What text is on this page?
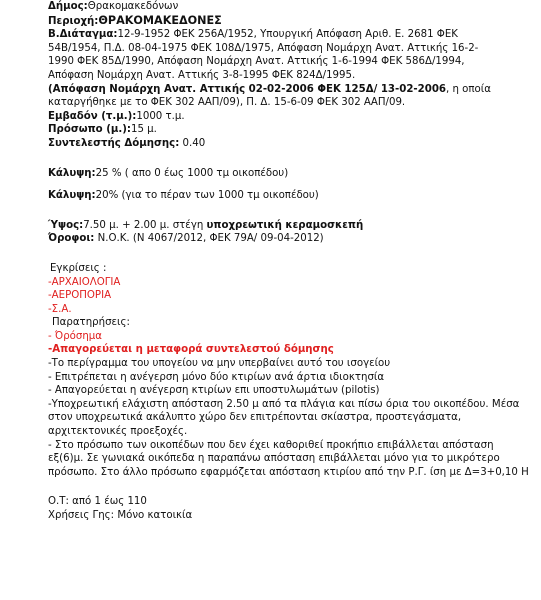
Δήμος:Θρακομακεδόνων
Περιοχή:ΘΡΑΚΟΜΑΚΕΔΟΝΕΣ
Β.Διάταγμα:12-9-1952 ΦΕΚ 256Α/1952, Υπουργική Απόφαση Αριθ. Ε. 2681 ΦΕΚ
54Β/1954, Π.Δ. 08-04-1975 ΦΕΚ 108Δ/1975, Απόφαση Νομάρχη Ανατ. Αττικής 16-2-
1990 ΦΕΚ 85Δ/1990, Απόφαση Νομάρχη Ανατ. Αττικής 1-6-1994 ΦΕΚ 586Δ/1994,
Απόφαση Νομάρχη Ανατ. Αττικής 3-8-1995 ΦΕΚ 824Δ/1995.
(Απόφαση Νομάρχη Ανατ. Αττικής 02-02-2006 ΦΕΚ 125Δ/ 13-02-2006, η οποία
καταργήθηκε με το ΦΕΚ 302 ΑΑΠ/09), Π. Δ. 15-6-09 ΦΕΚ 302 ΑΑΠ/09.
Εμβαδόν (τ.μ.):1000 τ.μ.
Πρόσωπο (μ.):15 μ.
Συντελεστής Δόμησης: 0.40
Κάλυψη:25 % ( απο 0 έως 1000 τμ οικοπέδου)
Κάλυψη:20% (για το πέραν των 1000 τμ οικοπέδου)
Ύψος:7.50 μ. + 2.00 μ. στέγη υποχρεωτική κεραμοσκεπή
Όροφοι: Ν.Ο.Κ. (Ν 4067/2012, ΦΕΚ 79Α/ 09-04-2012)
Εγκρίσεις :
-ΑΡΧΑΙΟΛΟΓΙΑ
-ΑΕΡΟΠΟΡΙΑ
-Σ.Α.
Παρατηρήσεις:
- Όρόσημα
-Απαγορεύεται η μεταφορά συντελεστού δόμησης
-Το περίγραμμα του υπογείου να μην υπερβαίνει αυτό του ισογείου
- Επιτρέπεται η ανέγερση μόνο δύο κτιρίων ανά άρτια ιδιοκτησία
- Απαγορεύεται η ανέγερση κτιρίων επι υποστυλωμάτων (pilotis)
-Υποχρεωτική ελάχιστη απόσταση 2.50 μ από τα πλάγια και πίσω όρια του οικοπέδου. Μέσα
στον υποχρεωτικά ακάλυπτο χώρο δεν επιτρέπονται σκίαστρα, προστεγάσματα,
αρχιτεκτονικές προεξοχές.
- Στο πρόσωπο των οικοπέδων που δεν έχει καθοριθεί προκήπιο επιβάλλεται απόσταση
εξ(6)μ. Σε γωνιακά οικόπεδα η παραπάνω απόσταση επιβάλλεται μόνο για το μικρότερο
πρόσωπο. Στο άλλο πρόσωπο εφαρμόζεται απόσταση κτιρίου από την Ρ.Γ. ίση με Δ=3+0,10 Η
Ο.Τ: από 1 έως 110
Χρήσεις Γης: Μόνο κατοικία
